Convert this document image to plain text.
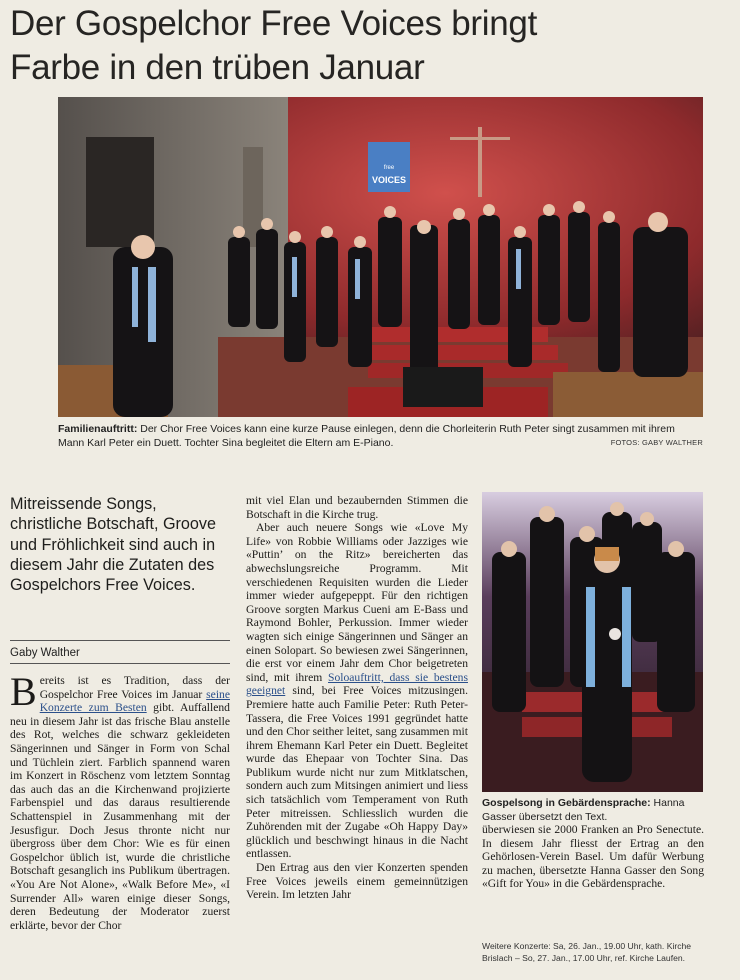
Der Gospelchor Free Voices bringt
Farbe in den trüben Januar
free
VOICES
Familienauftritt: Der Chor Free Voices kann eine kurze Pause einlegen, denn die Chorleiterin Ruth Peter singt zusammen mit ihrem Mann Karl Peter ein Duett. Tochter Sina begleitet die Eltern am E-Piano.	FOTOS: GABY WALTHER
Mitreissende Songs, christliche Botschaft, Groove und Fröhlichkeit sind auch in diesem Jahr die Zutaten des Gospelchors Free Voices.
Gaby Walther

Bereits ist es Tradition, dass der Gospelchor Free Voices im Januar seine Konzerte zum Besten gibt. Auffallend neu in diesem Jahr ist das frische Blau anstelle des Rot, welches die schwarz gekleideten Sängerinnen und Sänger in Form von Schal und Tüchlein ziert. Farblich spannend waren im Konzert in Röschenz vom letztem Sonntag das auch das an die Kirchenwand projizierte Farbenspiel und das daraus resultierende Schattenspiel in Zusammenhang mit der Jesusfigur. Doch Jesus thronte nicht nur übergross über dem Chor: Wie es für einen Gospelchor üblich ist, wurde die christliche Botschaft gesanglich ins Publikum übertragen. «You Are Not Alone», «Walk Before Me», «I Surrender All» waren einige dieser Songs, deren Bedeutung der Moderator zuerst erklärte, bevor der Chor

mit viel Elan und bezaubernden Stimmen die Botschaft in die Kirche trug.

Aber auch neuere Songs wie «Love My Life» von Robbie Williams oder Jazziges wie «Puttin’ on the Ritz» bereicherten das abwechslungsreiche Programm. Mit verschiedenen Requisiten wurden die Lieder immer wieder aufgepeppt. Für den richtigen Groove sorgten Markus Cueni am E-Bass und Raymond Bohler, Perkussion. Immer wieder wagten sich einige Sängerinnen und Sänger an einen Solopart. So bewiesen zwei Sängerinnen, die erst vor einem Jahr dem Chor beigetreten sind, mit ihrem Soloauftritt, dass sie bestens geeignet sind, bei Free Voices mitzusingen. Premiere hatte auch Familie Peter: Ruth Peter-Tassera, die Free Voices 1991 gegründet hatte und den Chor seither leitet, sang zusammen mit ihrem Ehemann Karl Peter ein Duett. Begleitet wurde das Ehepaar von Tochter Sina. Das Publikum wurde nicht nur zum Mitklatschen, sondern auch zum Mitsingen animiert und liess sich tatsächlich vom Temperament von Ruth Peter mitreissen. Schliesslich wurden die Zuhörenden mit der Zugabe «Oh Happy Day» glücklich und beschwingt hinaus in die Nacht entlassen.

Den Ertrag aus den vier Konzerten spenden Free Voices jeweils einem gemeinnützigen Verein. Im letzten Jahr

Gospelsong in Gebärdensprache: Hanna Gasser übersetzt den Text.

überwiesen sie 2000 Franken an Pro Senectute. In diesem Jahr fliesst der Ertrag an den Gehörlosen-Verein Basel. Um dafür Werbung zu machen, übersetzte Hanna Gasser den Song «Gift for You» in die Gebärdensprache.

Weitere Konzerte: Sa, 26. Jan., 19.00 Uhr, kath. Kirche Brislach – So, 27. Jan., 17.00 Uhr, ref. Kirche Laufen.
